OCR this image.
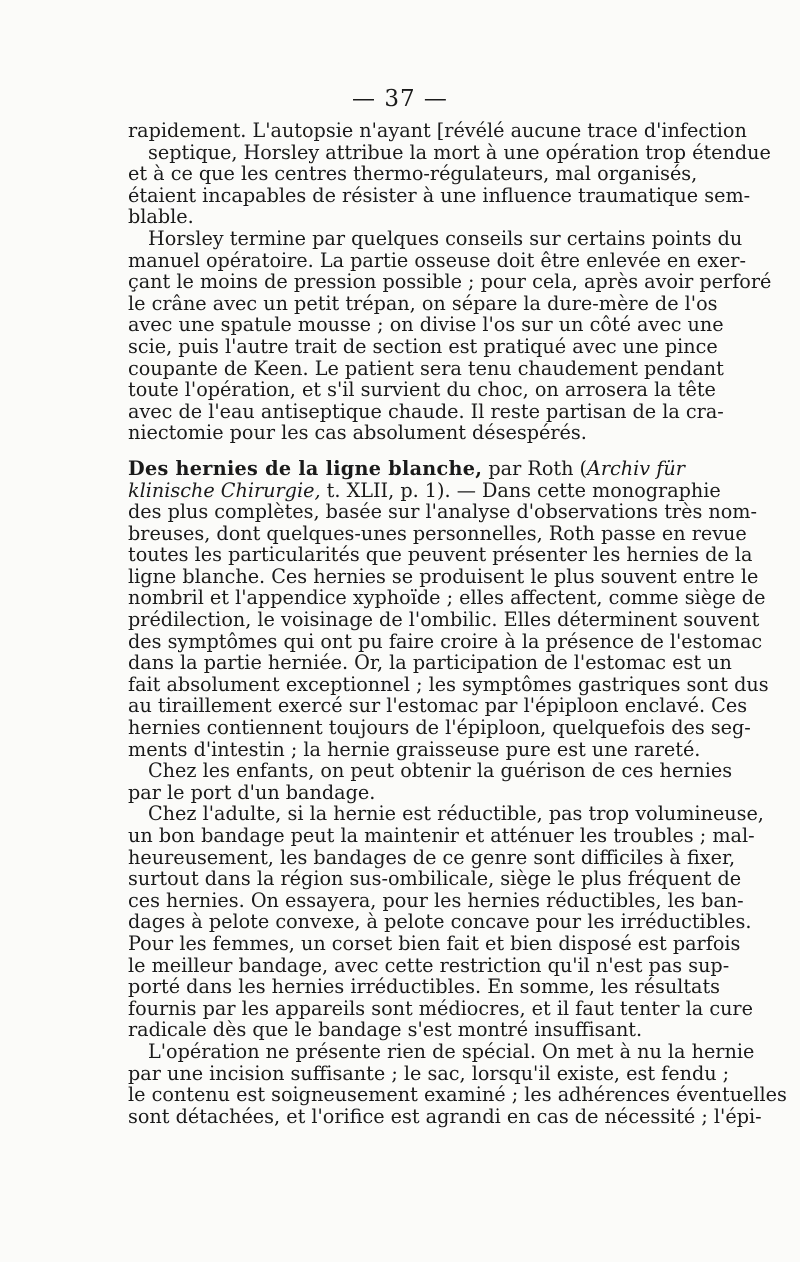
— 37 —
rapidement. L'autopsie n'ayant [révélé aucune trace d'infection
septique, Horsley attribue la mort à une opération trop étendue
et à ce que les centres thermo-régulateurs, mal organisés,
étaient incapables de résister à une influence traumatique sem-
blable.
Horsley termine par quelques conseils sur certains points du
manuel opératoire. La partie osseuse doit être enlevée en exer-
çant le moins de pression possible ; pour cela, après avoir perforé
le crâne avec un petit trépan, on sépare la dure-mère de l'os
avec une spatule mousse ; on divise l'os sur un côté avec une
scie, puis l'autre trait de section est pratiqué avec une pince
coupante de Keen. Le patient sera tenu chaudement pendant
toute l'opération, et s'il survient du choc, on arrosera la tête
avec de l'eau antiseptique chaude. Il reste partisan de la cra-
niectomie pour les cas absolument désespérés.
Des hernies de la ligne blanche, par Roth (Archiv für
klinische Chirurgie, t. XLII, p. 1). — Dans cette monographie
des plus complètes, basée sur l'analyse d'observations très nom-
breuses, dont quelques-unes personnelles, Roth passe en revue
toutes les particularités que peuvent présenter les hernies de la
ligne blanche. Ces hernies se produisent le plus souvent entre le
nombril et l'appendice xyphoïde ; elles affectent, comme siège de
prédilection, le voisinage de l'ombilic. Elles déterminent souvent
des symptômes qui ont pu faire croire à la présence de l'estomac
dans la partie herniée. Or, la participation de l'estomac est un
fait absolument exceptionnel ; les symptômes gastriques sont dus
au tiraillement exercé sur l'estomac par l'épiploon enclavé. Ces
hernies contiennent toujours de l'épiploon, quelquefois des seg-
ments d'intestin ; la hernie graisseuse pure est une rareté.
Chez les enfants, on peut obtenir la guérison de ces hernies
par le port d'un bandage.
Chez l'adulte, si la hernie est réductible, pas trop volumineuse,
un bon bandage peut la maintenir et atténuer les troubles ; mal-
heureusement, les bandages de ce genre sont difficiles à fixer,
surtout dans la région sus-ombilicale, siège le plus fréquent de
ces hernies. On essayera, pour les hernies réductibles, les ban-
dages à pelote convexe, à pelote concave pour les irréductibles.
Pour les femmes, un corset bien fait et bien disposé est parfois
le meilleur bandage, avec cette restriction qu'il n'est pas sup-
porté dans les hernies irréductibles. En somme, les résultats
fournis par les appareils sont médiocres, et il faut tenter la cure
radicale dès que le bandage s'est montré insuffisant.
L'opération ne présente rien de spécial. On met à nu la hernie
par une incision suffisante ; le sac, lorsqu'il existe, est fendu ;
le contenu est soigneusement examiné ; les adhérences éventuelles
sont détachées, et l'orifice est agrandi en cas de nécessité ; l'épi-
